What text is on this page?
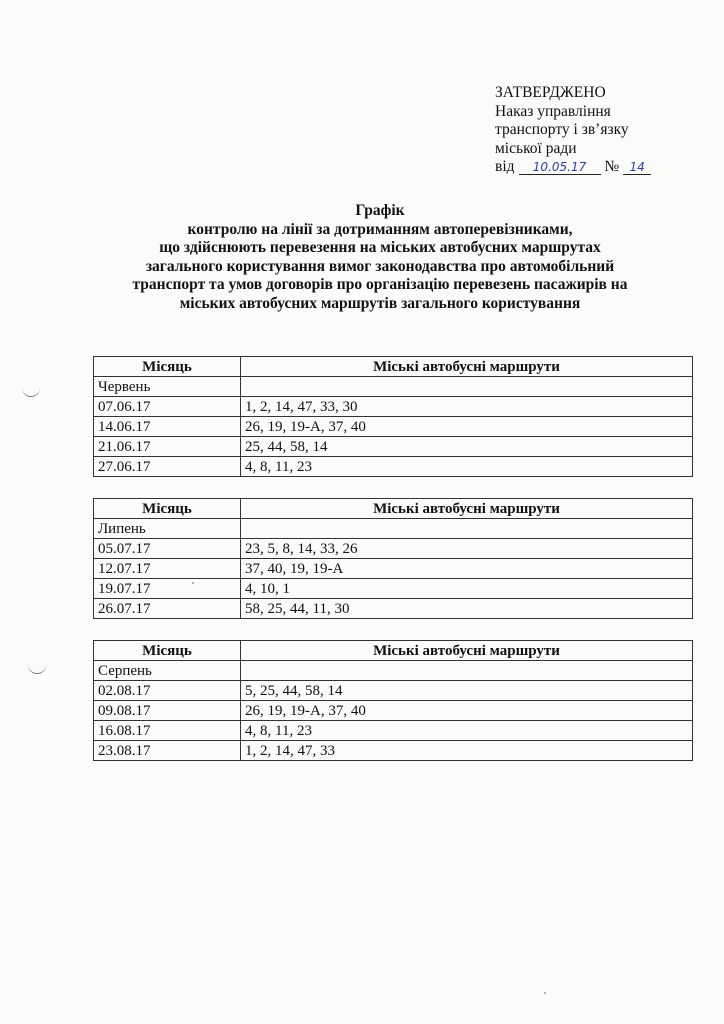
ЗАТВЕРДЖЕНО
Наказ управління
транспорту і зв’язку
міської ради
від 10.05.17 № 14
Графік
контролю на лінії за дотриманням автоперевізниками,
що здійснюють перевезення на міських автобусних маршрутах
загального користування вимог законодавства про автомобільний
транспорт та умов договорів про організацію перевезень пасажирів на
міських автобусних маршрутів загального користування
Місяць	Міські автобусні маршрути
Червень	
07.06.17	1, 2, 14, 47, 33, 30
14.06.17	26, 19, 19-А, 37, 40
21.06.17	25, 44, 58, 14
27.06.17	4, 8, 11, 23
Місяць	Міські автобусні маршрути
Липень	
05.07.17	23, 5, 8, 14, 33, 26
12.07.17	37, 40, 19, 19-А
19.07.17	4, 10, 1
26.07.17	58, 25, 44, 11, 30
Місяць	Міські автобусні маршрути
Серпень	
02.08.17	5, 25, 44, 58, 14
09.08.17	26, 19, 19-А, 37, 40
16.08.17	4, 8, 11, 23
23.08.17	1, 2, 14, 47, 33
